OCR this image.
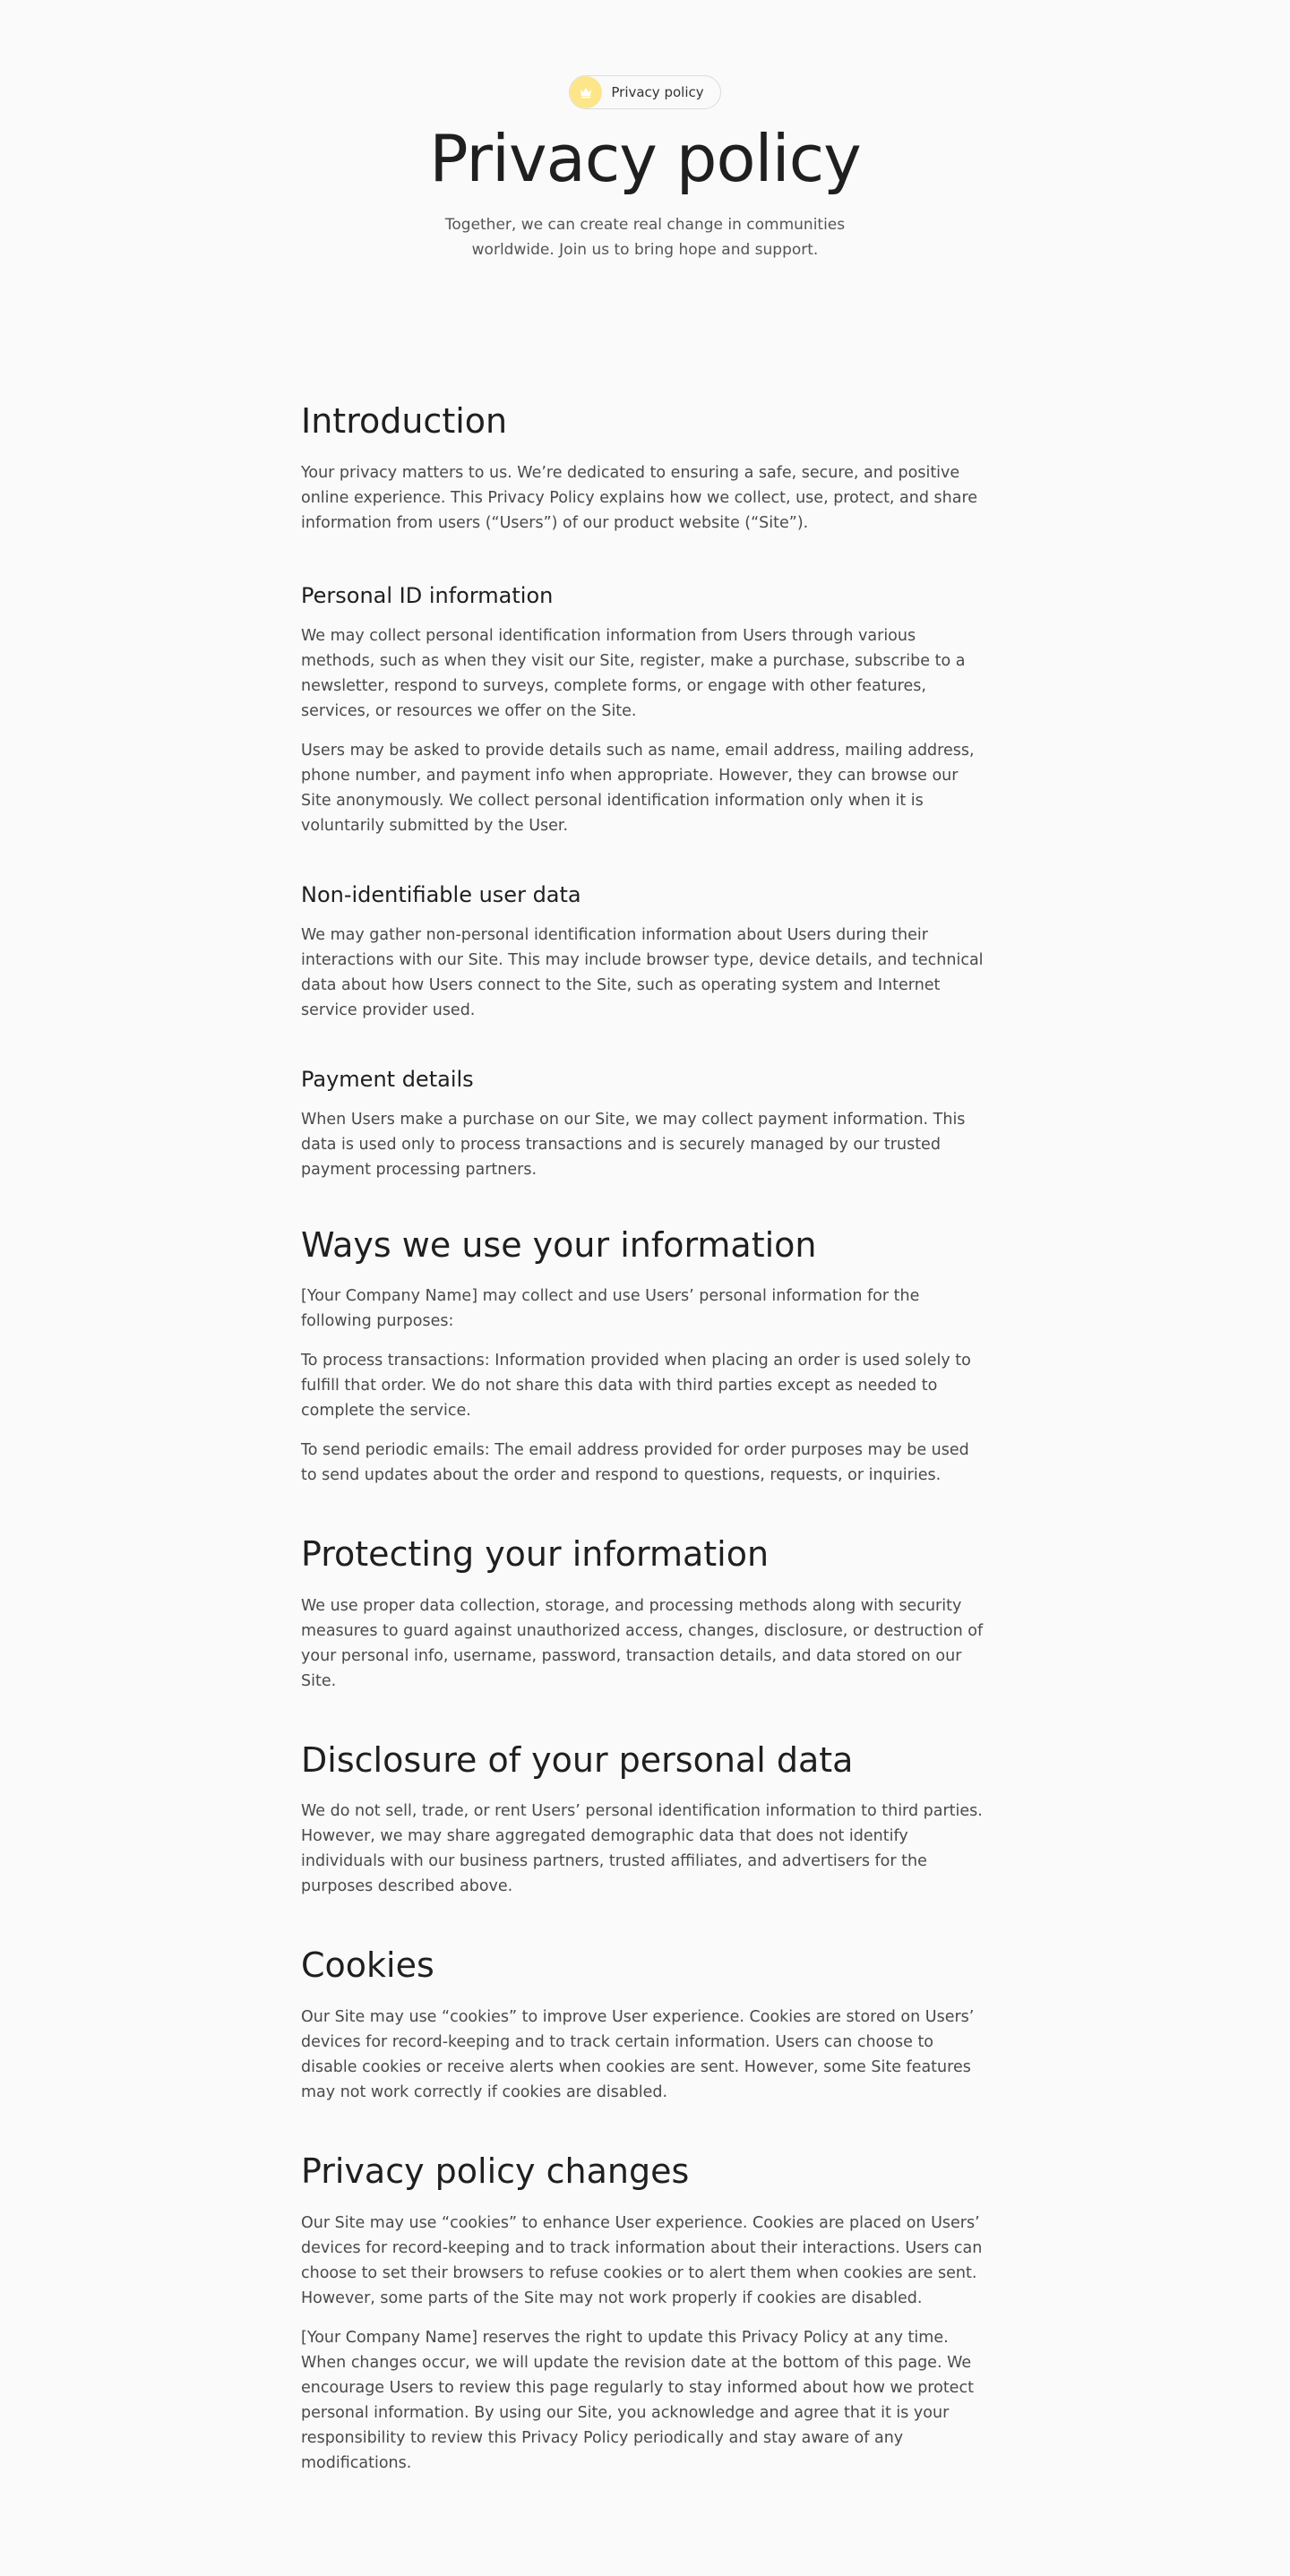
Privacy policy
Privacy policy

Together, we can create real change in communities worldwide. Join us to bring hope and support.

Introduction

Your privacy matters to us. We’re dedicated to ensuring a safe, secure, and positive online experience. This Privacy Policy explains how we collect, use, protect, and share information from users (“Users”) of our product website (“Site”).

Personal ID information

We may collect personal identification information from Users through various methods, such as when they visit our Site, register, make a purchase, subscribe to a newsletter, respond to surveys, complete forms, or engage with other features, services, or resources we offer on the Site.

Users may be asked to provide details such as name, email address, mailing address, phone number, and payment info when appropriate. However, they can browse our Site anonymously. We collect personal identification information only when it is voluntarily submitted by the User.

Non-identifiable user data

We may gather non-personal identification information about Users during their interactions with our Site. This may include browser type, device details, and technical data about how Users connect to the Site, such as operating system and Internet service provider used.

Payment details

When Users make a purchase on our Site, we may collect payment information. This data is used only to process transactions and is securely managed by our trusted payment processing partners.

Ways we use your information

[Your Company Name] may collect and use Users’ personal information for the following purposes:

To process transactions: Information provided when placing an order is used solely to fulfill that order. We do not share this data with third parties except as needed to complete the service.

To send periodic emails: The email address provided for order purposes may be used to send updates about the order and respond to questions, requests, or inquiries.

Protecting your information

We use proper data collection, storage, and processing methods along with security measures to guard against unauthorized access, changes, disclosure, or destruction of your personal info, username, password, transaction details, and data stored on our Site.

Disclosure of your personal data

We do not sell, trade, or rent Users’ personal identification information to third parties. However, we may share aggregated demographic data that does not identify individuals with our business partners, trusted affiliates, and advertisers for the purposes described above.

Cookies

Our Site may use “cookies” to improve User experience. Cookies are stored on Users’ devices for record-keeping and to track certain information. Users can choose to disable cookies or receive alerts when cookies are sent. However, some Site features may not work correctly if cookies are disabled.

Privacy policy changes

Our Site may use “cookies” to enhance User experience. Cookies are placed on Users’ devices for record-keeping and to track information about their interactions. Users can choose to set their browsers to refuse cookies or to alert them when cookies are sent. However, some parts of the Site may not work properly if cookies are disabled.

[Your Company Name] reserves the right to update this Privacy Policy at any time. When changes occur, we will update the revision date at the bottom of this page. We encourage Users to review this page regularly to stay informed about how we protect personal information. By using our Site, you acknowledge and agree that it is your responsibility to review this Privacy Policy periodically and stay aware of any modifications.
